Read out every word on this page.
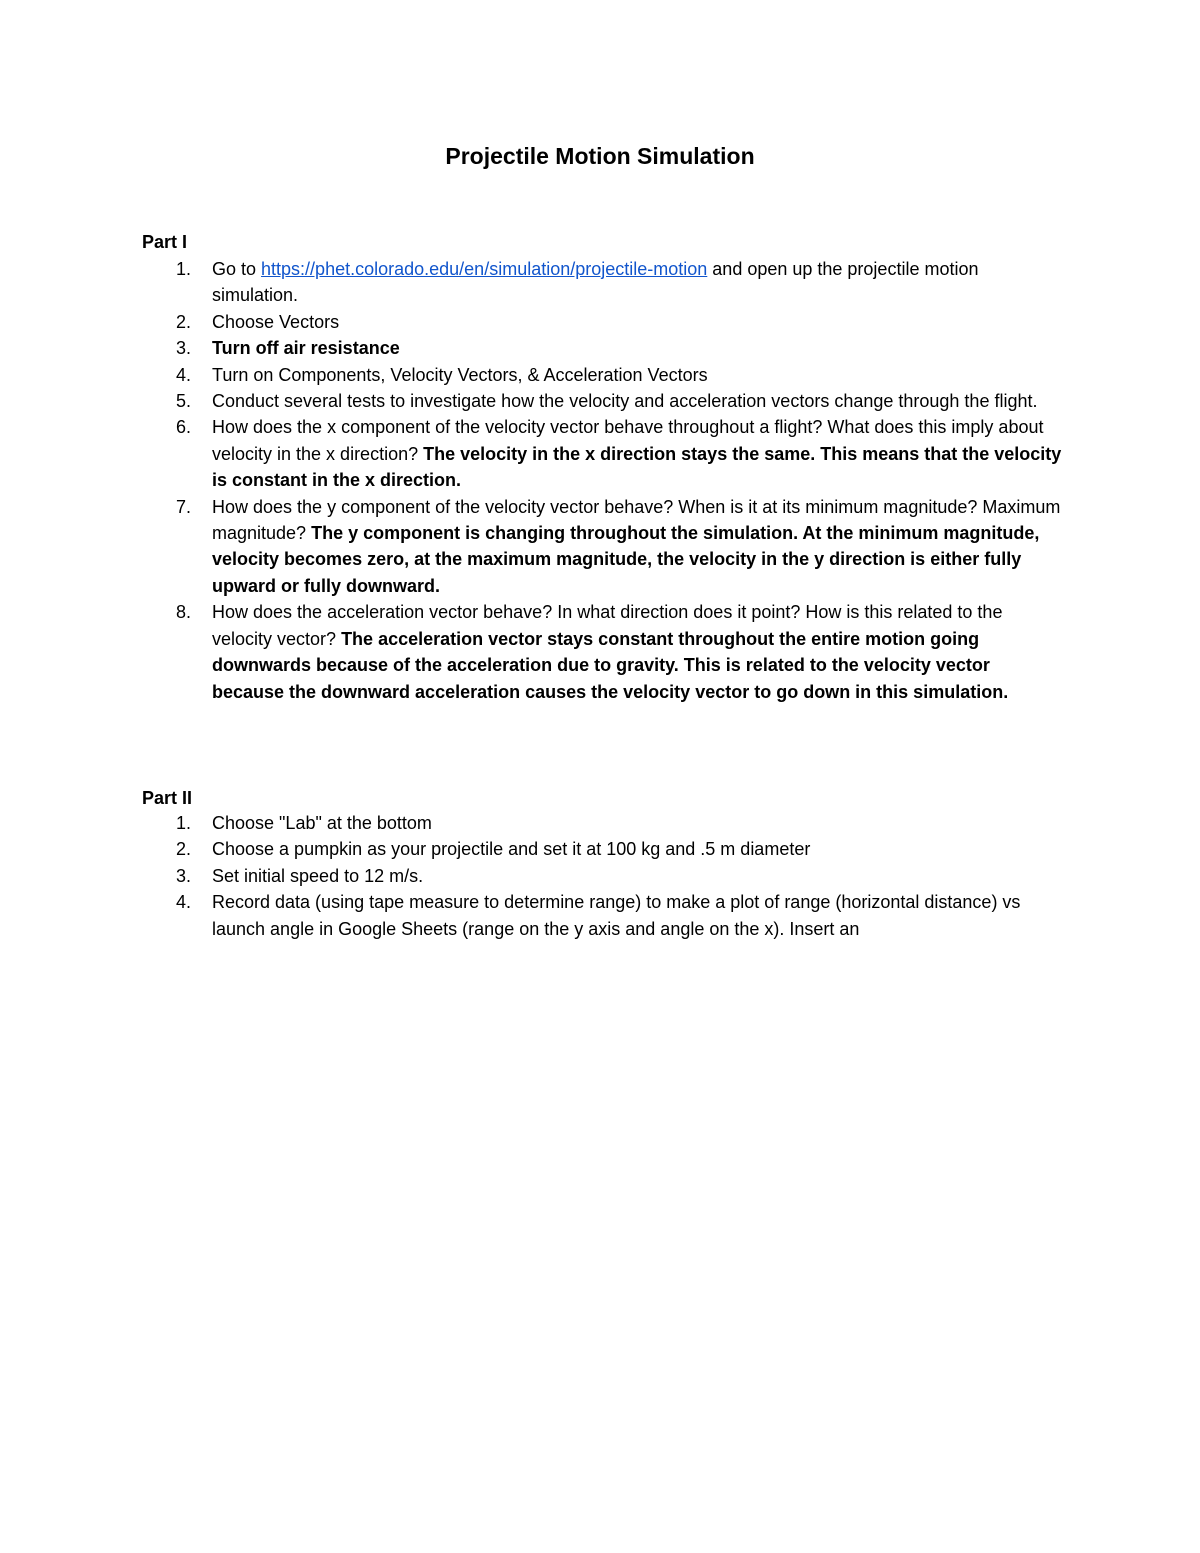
Projectile Motion Simulation
Part I
1. Go to https://phet.colorado.edu/en/simulation/projectile-motion and open up the projectile motion simulation.
2. Choose Vectors
3. Turn off air resistance
4. Turn on Components, Velocity Vectors, & Acceleration Vectors
5. Conduct several tests to investigate how the velocity and acceleration vectors change through the flight.
6. How does the x component of the velocity vector behave throughout a flight? What does this imply about velocity in the x direction? The velocity in the x direction stays the same. This means that the velocity is constant in the x direction.
7. How does the y component of the velocity vector behave? When is it at its minimum magnitude? Maximum magnitude? The y component is changing throughout the simulation. At the minimum magnitude, velocity becomes zero, at the maximum magnitude, the velocity in the y direction is either fully upward or fully downward.
8. How does the acceleration vector behave? In what direction does it point? How is this related to the velocity vector? The acceleration vector stays constant throughout the entire motion going downwards because of the acceleration due to gravity. This is related to the velocity vector because the downward acceleration causes the velocity vector to go down in this simulation.
Part II
1. Choose "Lab" at the bottom
2. Choose a pumpkin as your projectile and set it at 100 kg and .5 m diameter
3. Set initial speed to 12 m/s.
4. Record data (using tape measure to determine range) to make a plot of range (horizontal distance) vs launch angle in Google Sheets (range on the y axis and angle on the x). Insert an
